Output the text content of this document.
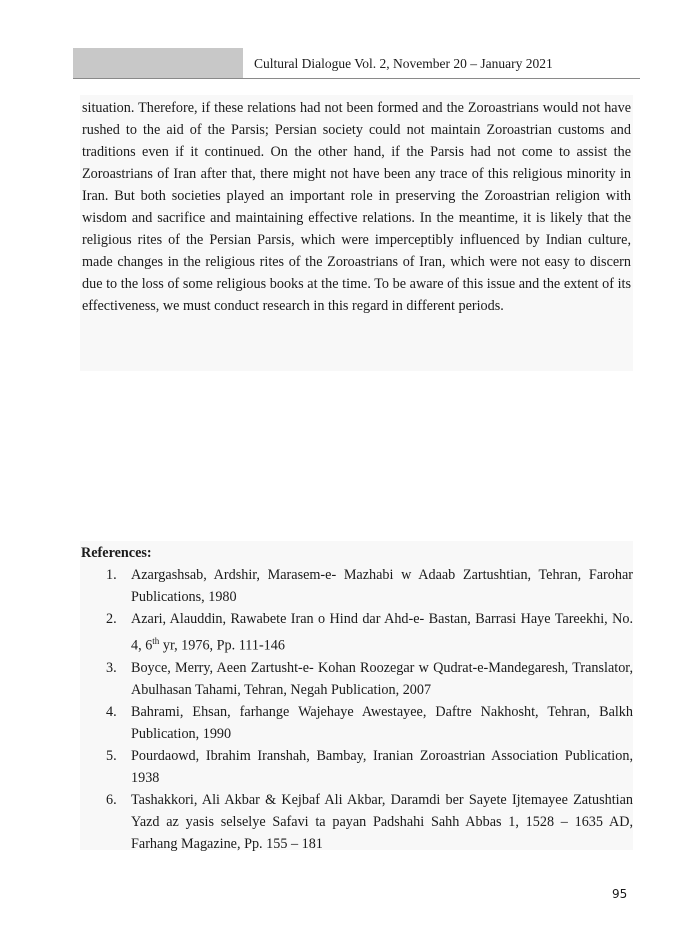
Cultural Dialogue Vol. 2, November 20 – January 2021

situation. Therefore, if these relations had not been formed and the Zoroastrians would not have rushed to the aid of the Parsis; Persian society could not maintain Zoroastrian customs and traditions even if it continued. On the other hand, if the Parsis had not come to assist the Zoroastrians of Iran after that, there might not have been any trace of this religious minority in Iran. But both societies played an important role in preserving the Zoroastrian religion with wisdom and sacrifice and maintaining effective relations. In the meantime, it is likely that the religious rites of the Persian Parsis, which were imperceptibly influenced by Indian culture, made changes in the religious rites of the Zoroastrians of Iran, which were not easy to discern due to the loss of some religious books at the time. To be aware of this issue and the extent of its effectiveness, we must conduct research in this regard in different periods.

References:

1. Azargashsab, Ardshir, Marasem-e- Mazhabi w Adaab Zartushtian, Tehran, Farohar Publications, 1980
2. Azari, Alauddin, Rawabete Iran o Hind dar Ahd-e- Bastan, Barrasi Haye Tareekhi, No. 4, 6th yr, 1976, Pp. 111-146
3. Boyce, Merry, Aeen Zartusht-e- Kohan Roozegar w Qudrat-e-Mandegaresh, Translator, Abulhasan Tahami, Tehran, Negah Publication, 2007
4. Bahrami, Ehsan, farhange Wajehaye Awestayee, Daftre Nakhosht, Tehran, Balkh Publication, 1990
5. Pourdaowd, Ibrahim Iranshah, Bambay, Iranian Zoroastrian Association Publication, 1938
6. Tashakkori, Ali Akbar & Kejbaf Ali Akbar, Daramdi ber Sayete Ijtemayee Zatushtian Yazd az yasis selselye Safavi ta payan Padshahi Sahh Abbas 1, 1528 – 1635 AD, Farhang Magazine, Pp. 155 – 181
95
